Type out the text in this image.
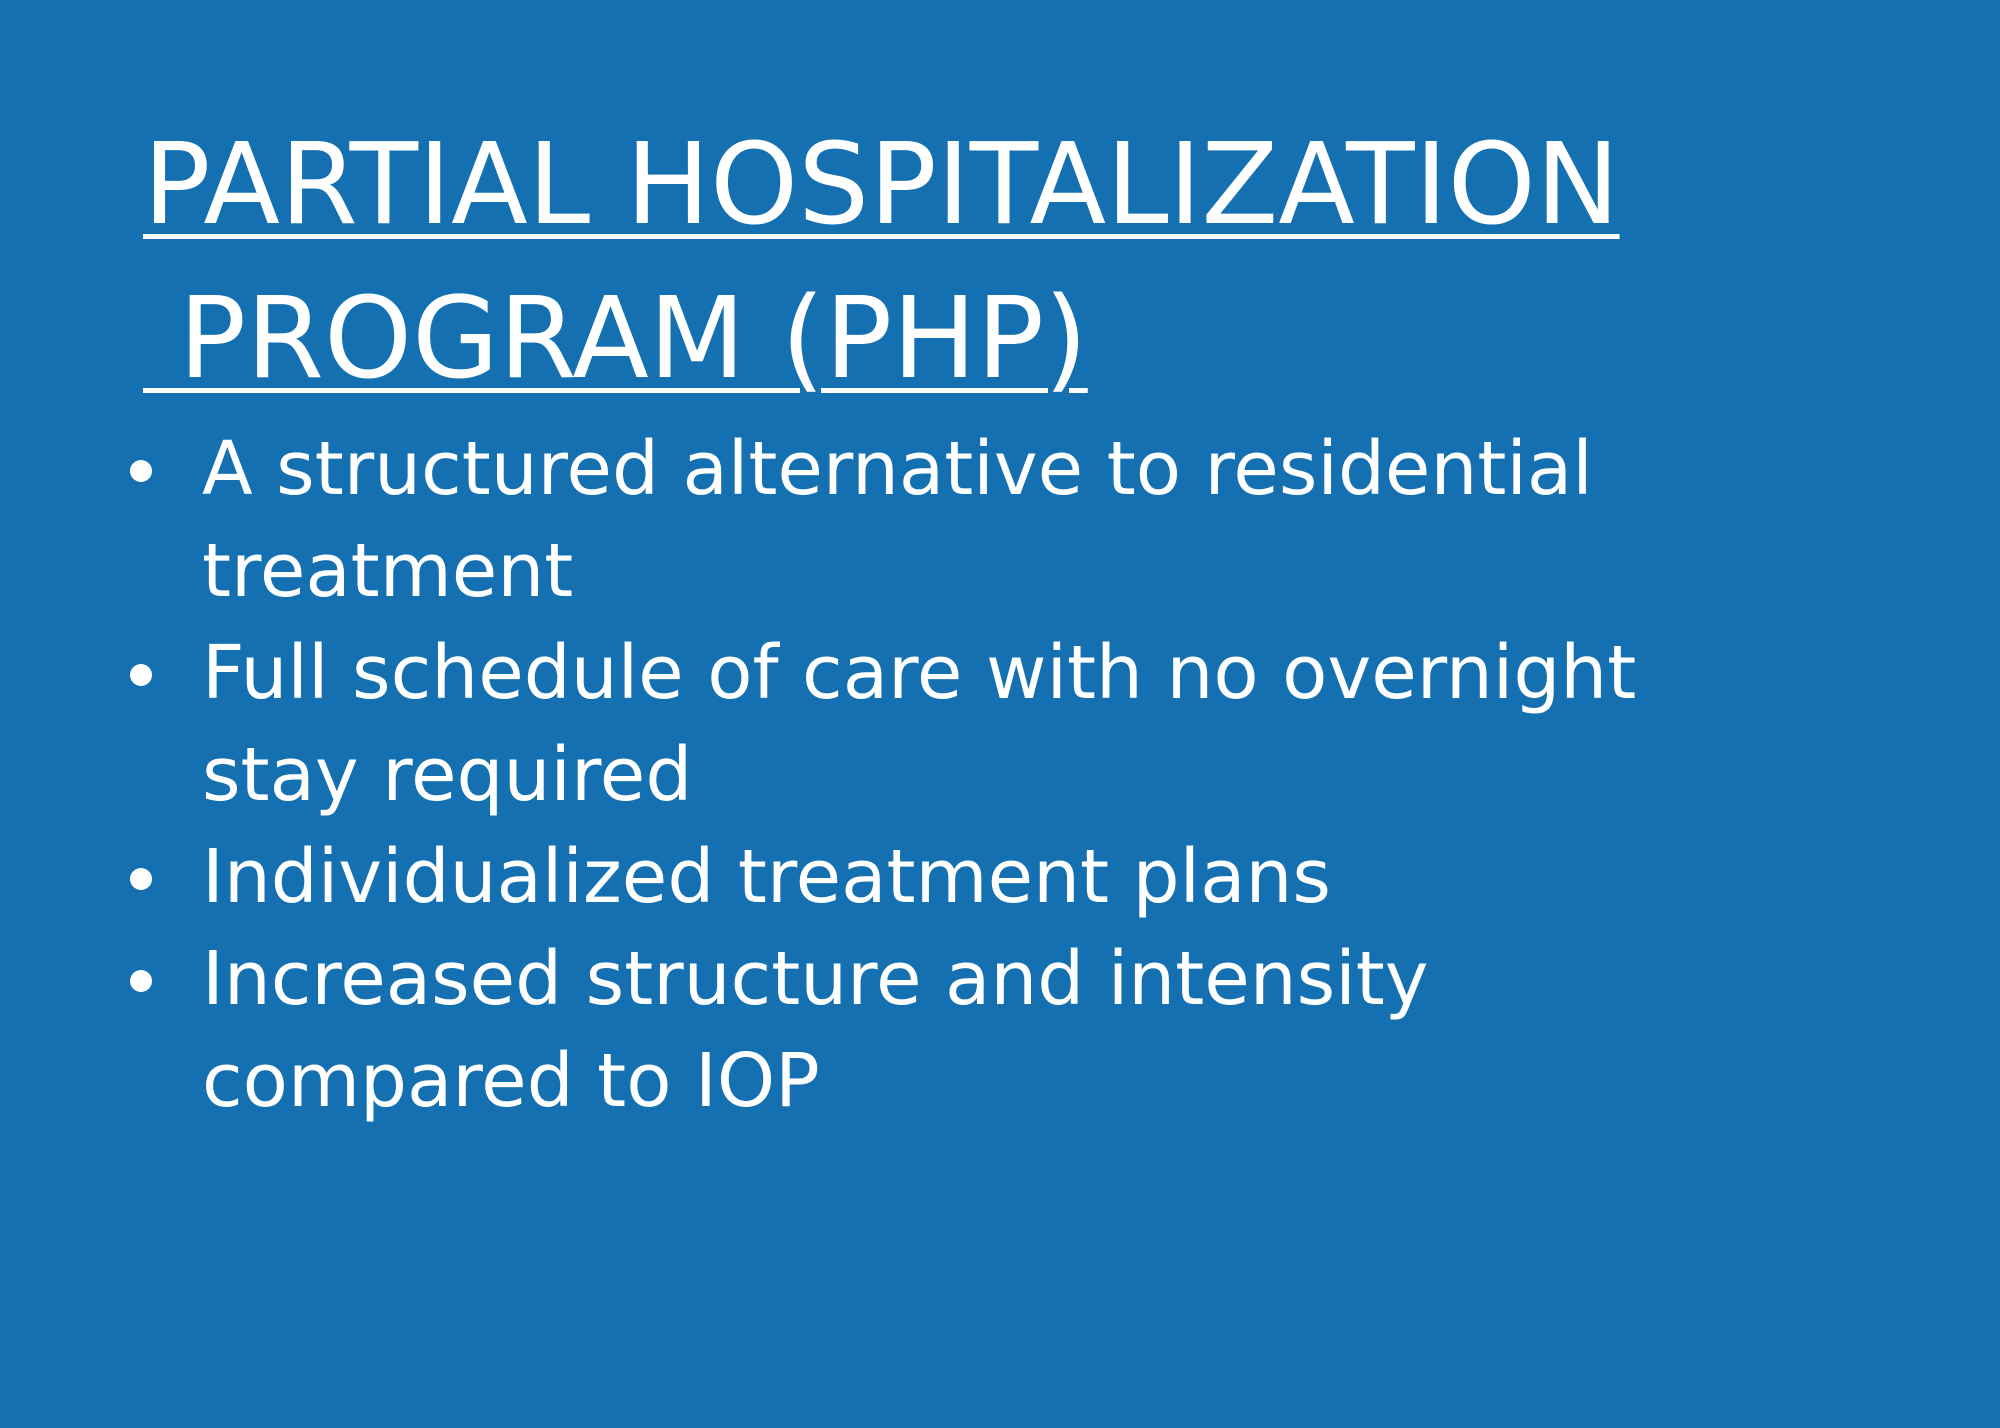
PARTIAL HOSPITALIZATION
PROGRAM (PHP)
A structured alternative to residential
treatment
Full schedule of care with no overnight
stay required
Individualized treatment plans
Increased structure and intensity
compared to IOP
